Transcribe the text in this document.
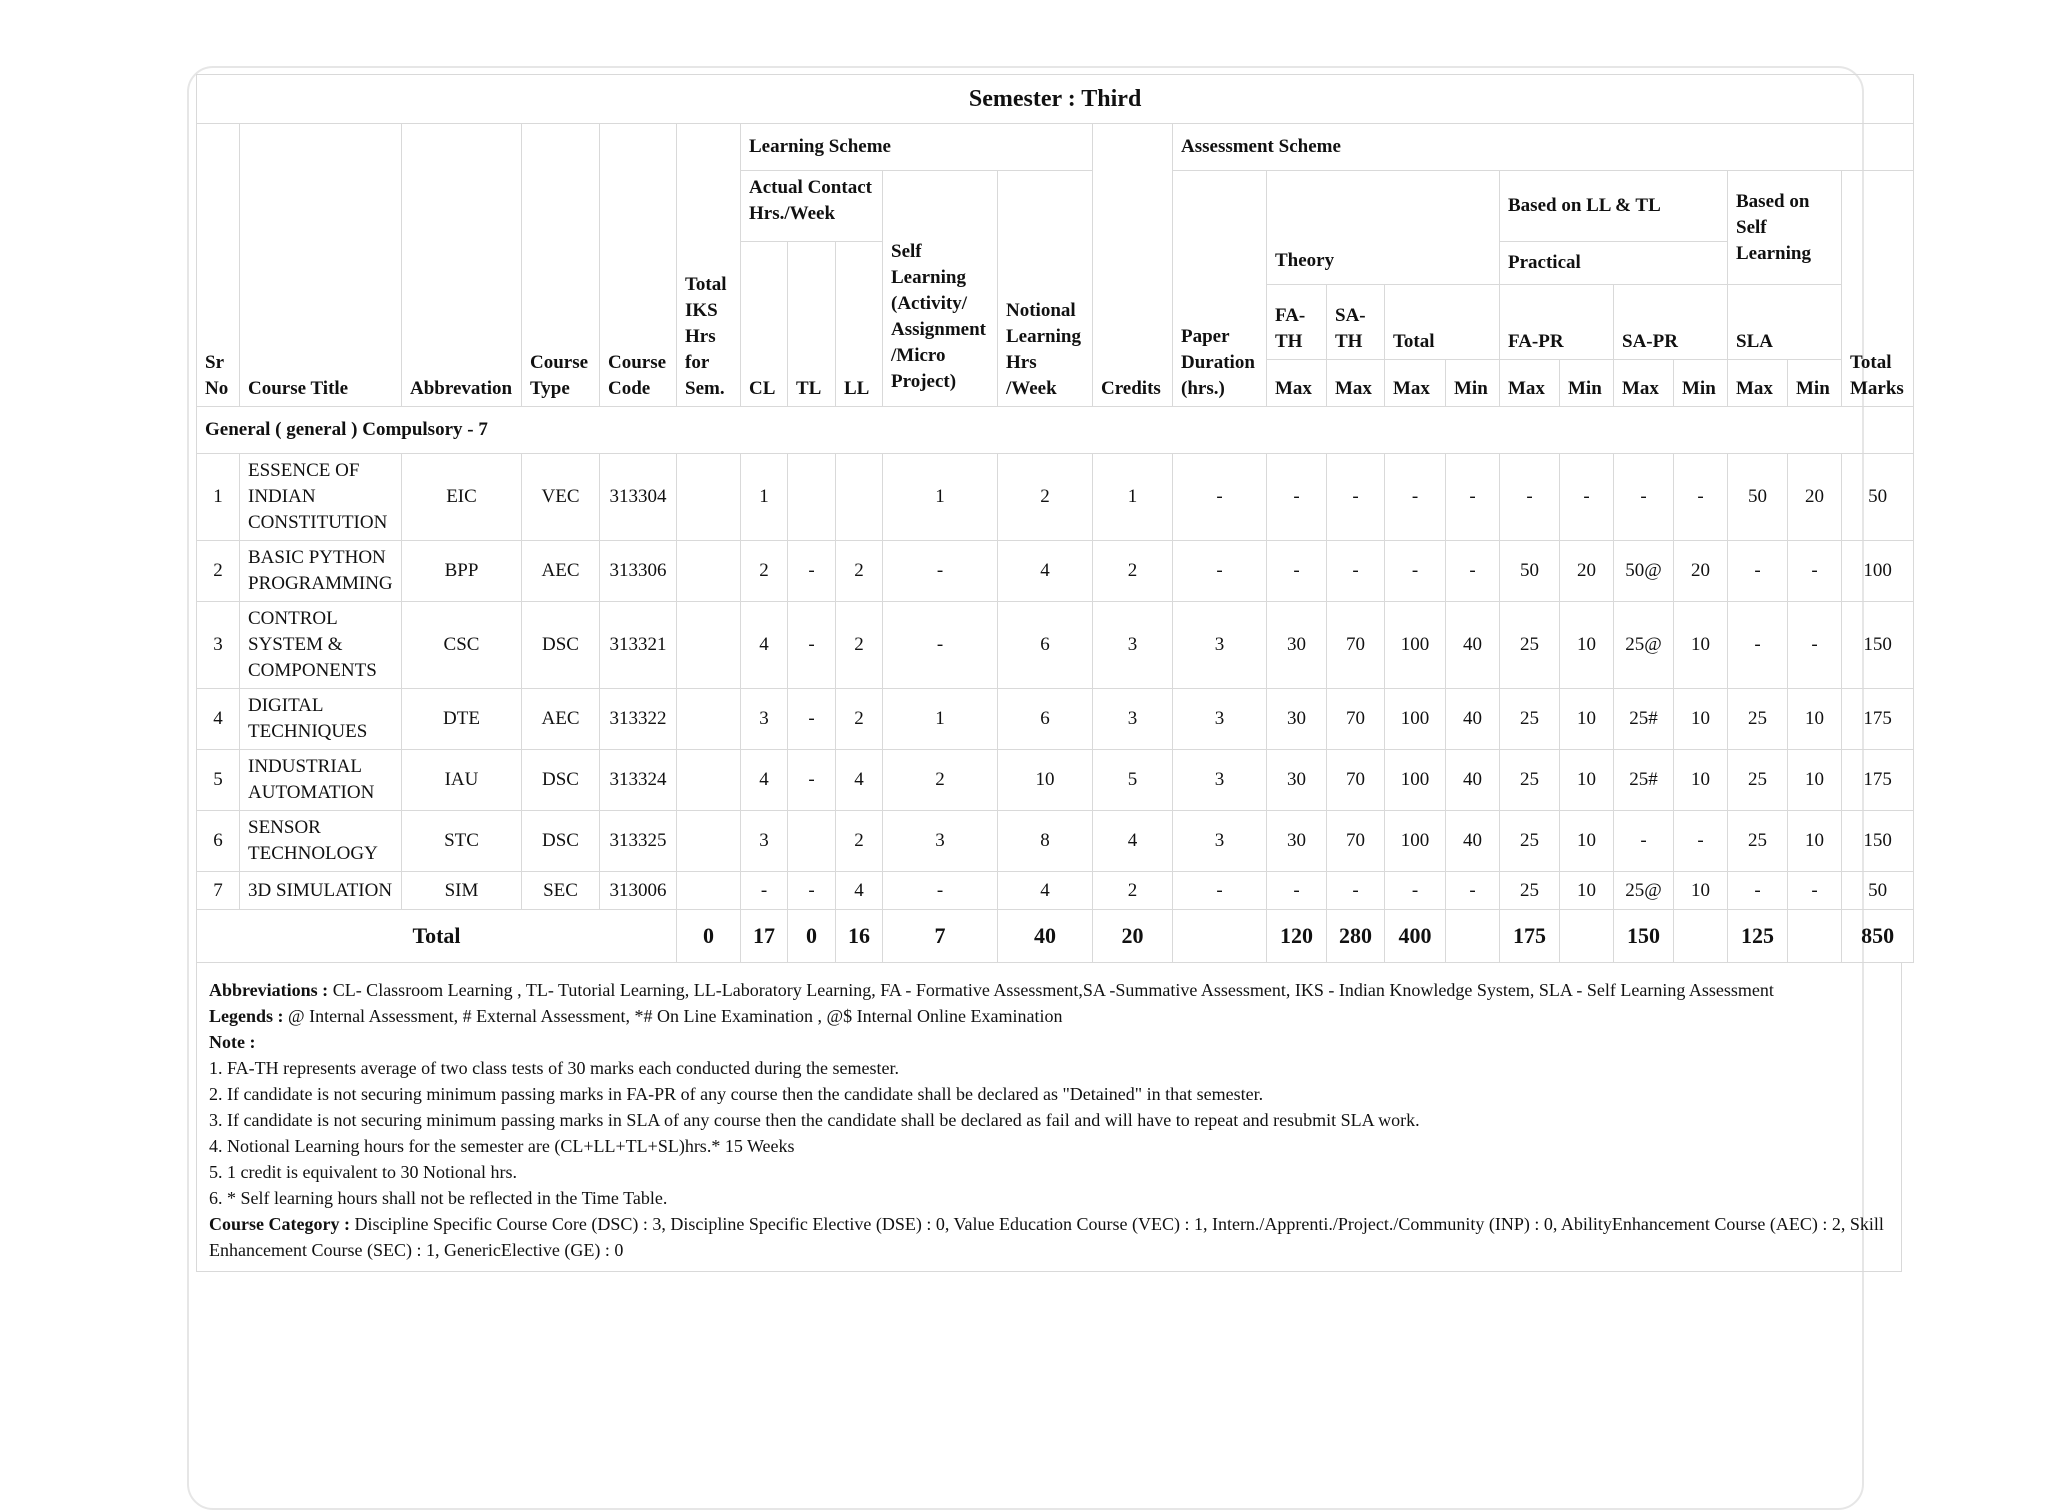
Semester : Third																							
Sr No	Course Title	Abbrevation	Course Type	Course Code	Total IKS Hrs for Sem.	Learning Scheme					Credits	Assessment Scheme											
						Actual Contact Hrs./Week			Self Learning (Activity/ Assignment /Micro Project)	Notional Learning Hrs /Week		Paper Duration (hrs.)	Theory				Based on LL & TL				Based on Self Learning		Total Marks
						CL	TL	LL									Practical						
													FA-TH	SA-TH	Total		FA-PR		SA-PR		SLA		
													Max	Max	Max	Min	Max	Min	Max	Min	Max	Min	
General ( general ) Compulsory - 7																							
1	ESSENCE OF INDIAN CONSTITUTION	EIC	VEC	313304		1			1	2	1	-	-	-	-	-	-	-	-	-	50	20	50
2	BASIC PYTHON PROGRAMMING	BPP	AEC	313306		2	-	2	-	4	2	-	-	-	-	-	50	20	50@	20	-	-	100
3	CONTROL SYSTEM & COMPONENTS	CSC	DSC	313321		4	-	2	-	6	3	3	30	70	100	40	25	10	25@	10	-	-	150
4	DIGITAL TECHNIQUES	DTE	AEC	313322		3	-	2	1	6	3	3	30	70	100	40	25	10	25#	10	25	10	175
5	INDUSTRIAL AUTOMATION	IAU	DSC	313324		4	-	4	2	10	5	3	30	70	100	40	25	10	25#	10	25	10	175
6	SENSOR TECHNOLOGY	STC	DSC	313325		3		2	3	8	4	3	30	70	100	40	25	10	-	-	25	10	150
7	3D SIMULATION	SIM	SEC	313006		-	-	4	-	4	2	-	-	-	-	-	25	10	25@	10	-	-	50
Total					0	17	0	16	7	40	20		120	280	400		175		150		125		850
Abbreviations : CL- Classroom Learning , TL- Tutorial Learning, LL-Laboratory Learning, FA - Formative Assessment,SA -Summative Assessment, IKS - Indian Knowledge System, SLA - Self Learning Assessment
Legends : @ Internal Assessment, # External Assessment, *# On Line Examination , @$ Internal Online Examination
Note :
1. FA-TH represents average of two class tests of 30 marks each conducted during the semester.
2. If candidate is not securing minimum passing marks in FA-PR of any course then the candidate shall be declared as "Detained" in that semester.
3. If candidate is not securing minimum passing marks in SLA of any course then the candidate shall be declared as fail and will have to repeat and resubmit SLA work.
4. Notional Learning hours for the semester are (CL+LL+TL+SL)hrs.* 15 Weeks
5. 1 credit is equivalent to 30 Notional hrs.
6. * Self learning hours shall not be reflected in the Time Table.
Course Category : Discipline Specific Course Core (DSC) : 3, Discipline Specific Elective (DSE) : 0, Value Education Course (VEC) : 1, Intern./Apprenti./Project./Community (INP) : 0, AbilityEnhancement Course (AEC) : 2, Skill Enhancement Course (SEC) : 1, GenericElective (GE) : 0
